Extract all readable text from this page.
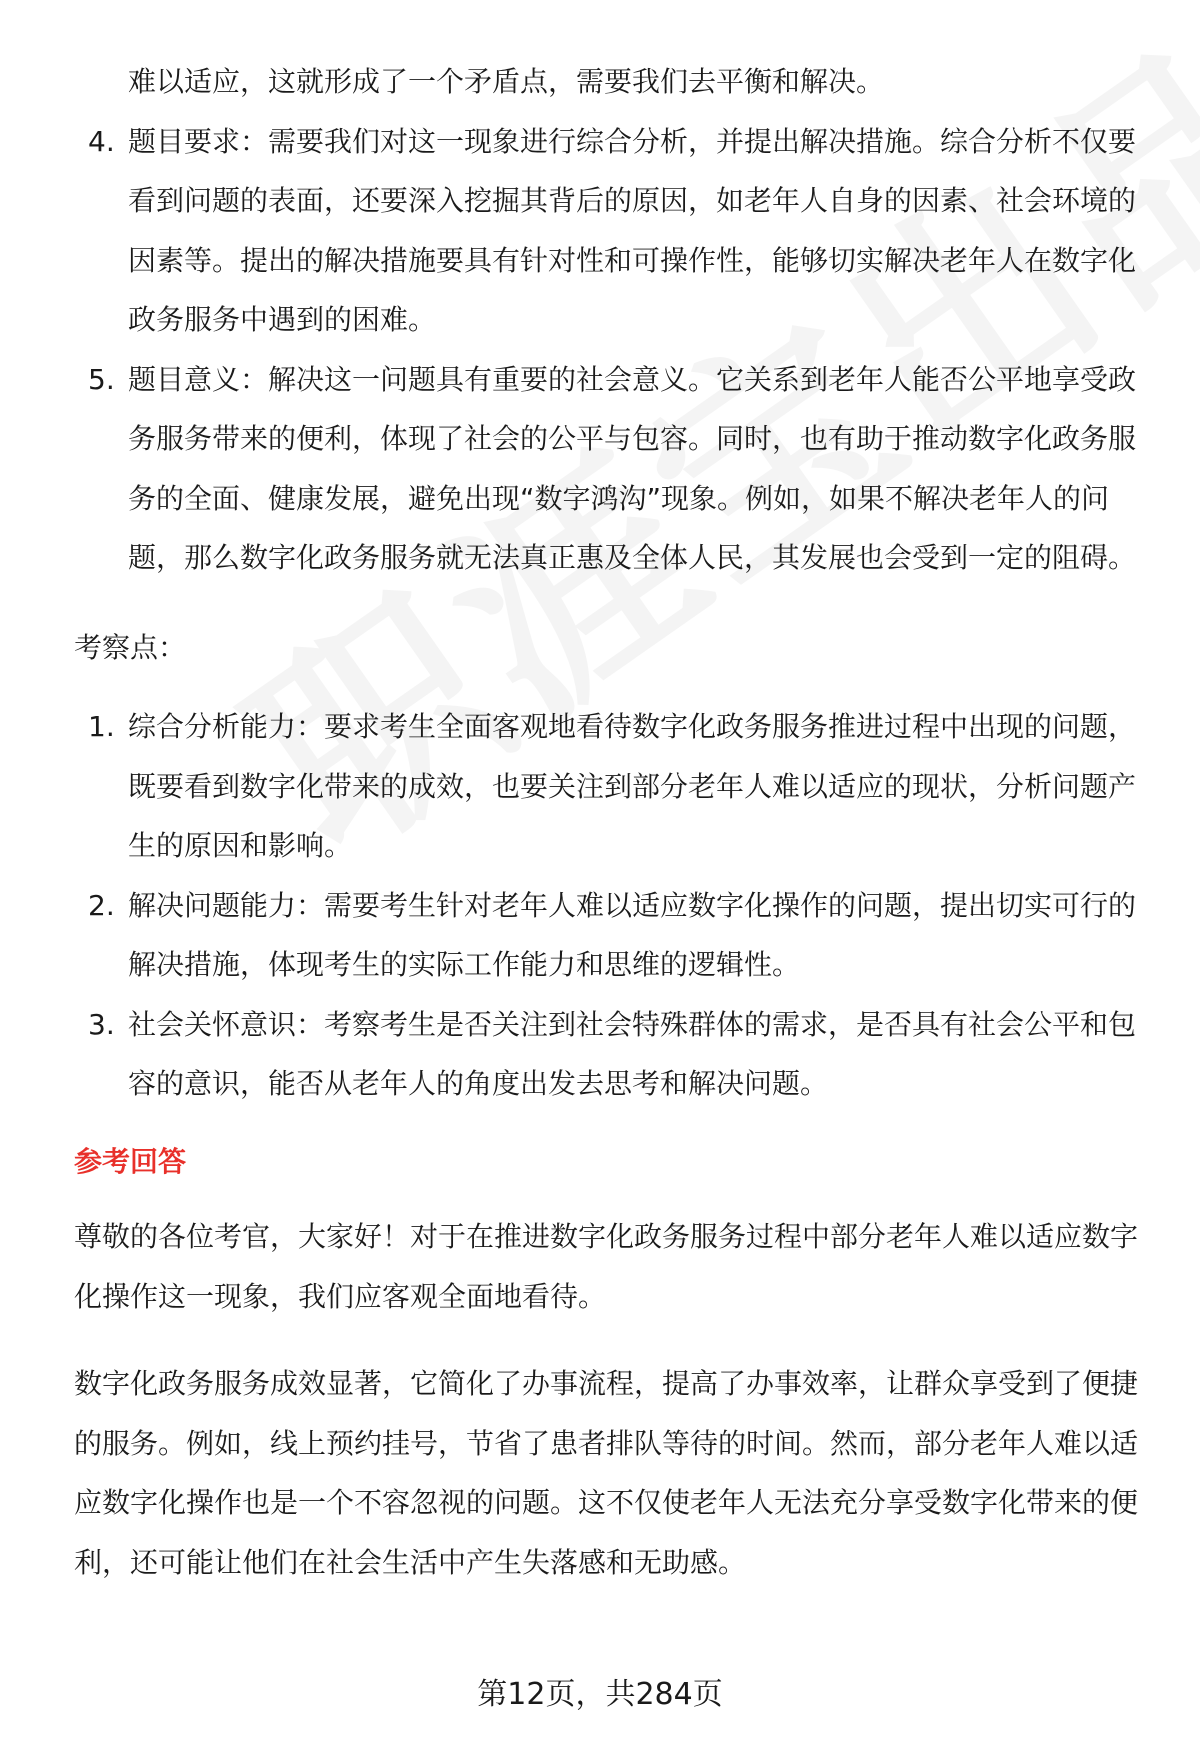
难以适应，这就形成了一个矛盾点，需要我们去平衡和解决。

4. 题目要求：需要我们对这一现象进行综合分析，并提出解决措施。综合分析不仅要看到问题的表面，还要深入挖掘其背后的原因，如老年人自身的因素、社会环境的因素等。提出的解决措施要具有针对性和可操作性，能够切实解决老年人在数字化政务服务中遇到的困难。
5. 题目意义：解决这一问题具有重要的社会意义。它关系到老年人能否公平地享受政务服务带来的便利，体现了社会的公平与包容。同时，也有助于推动数字化政务服务的全面、健康发展，避免出现“数字鸿沟”现象。例如，如果不解决老年人的问题，那么数字化政务服务就无法真正惠及全体人民，其发展也会受到一定的阻碍。
考察点：
1. 综合分析能力：要求考生全面客观地看待数字化政务服务推进过程中出现的问题，既要看到数字化带来的成效，也要关注到部分老年人难以适应的现状，分析问题产生的原因和影响。
2. 解决问题能力：需要考生针对老年人难以适应数字化操作的问题，提出切实可行的解决措施，体现考生的实际工作能力和思维的逻辑性。
3. 社会关怀意识：考察考生是否关注到社会特殊群体的需求，是否具有社会公平和包容的意识，能否从老年人的角度出发去思考和解决问题。
参考回答

尊敬的各位考官，大家好！对于在推进数字化政务服务过程中部分老年人难以适应数字化操作这一现象，我们应客观全面地看待。

数字化政务服务成效显著，它简化了办事流程，提高了办事效率，让群众享受到了便捷的服务。例如，线上预约挂号，节省了患者排队等待的时间。然而，部分老年人难以适应数字化操作也是一个不容忽视的问题。这不仅使老年人无法充分享受数字化带来的便利，还可能让他们在社会生活中产生失落感和无助感。

第12页，共284页
